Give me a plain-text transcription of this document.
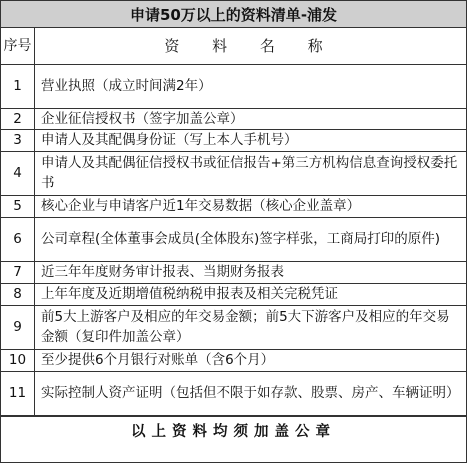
申请50万以上的资料清单-浦发
序号	资 料 名 称
1	营业执照（成立时间满2年）
2	企业征信授权书（签字加盖公章）
3	申请人及其配偶身份证（写上本人手机号）
4	申请人及其配偶征信授权书或征信报告+第三方机构信息查询授权委托书
5	核心企业与申请客户近1年交易数据（核心企业盖章）
6	公司章程(全体董事会成员(全体股东)签字样张，工商局打印的原件)
7	近三年年度财务审计报表、当期财务报表
8	上年年度及近期增值税纳税申报表及相关完税凭证
9	前5大上游客户及相应的年交易金额；前5大下游客户及相应的年交易金额（复印件加盖公章）
10	至少提供6个月银行对账单（含6个月）
11	实际控制人资产证明（包括但不限于如存款、股票、房产、车辆证明）
以上资料均须加盖公章
